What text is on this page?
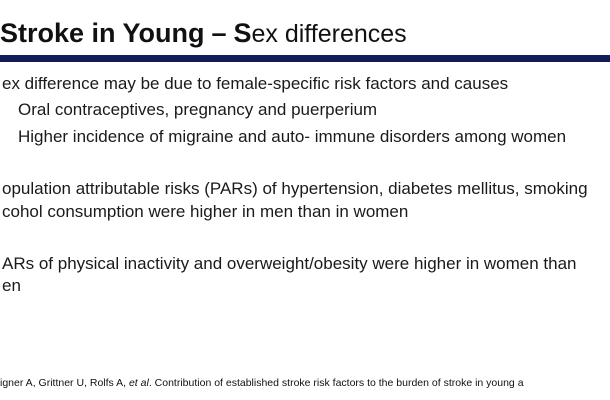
Stroke in Young – Sex differences
ex difference may be due to female-specific risk factors and causes
Oral contraceptives, pregnancy and puerperium
Higher incidence of migraine and auto- immune disorders among women
opulation attributable risks (PARs) of hypertension, diabetes mellitus, smoking
cohol consumption were higher in men than in women
ARs of physical inactivity and overweight/obesity were higher in women than
en
igner A, Grittner U, Rolfs A, et al. Contribution of established stroke risk factors to the burden of stroke in young a
